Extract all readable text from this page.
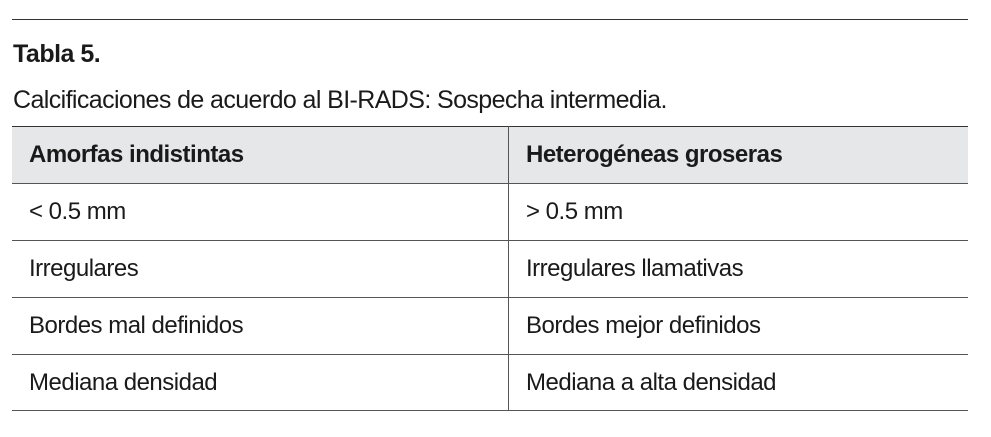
Tabla 5.
Calcificaciones de acuerdo al BI-RADS: Sospecha intermedia.
Amorfas indistintas	Heterogéneas groseras
< 0.5 mm	> 0.5 mm
Irregulares	Irregulares llamativas
Bordes mal definidos	Bordes mejor definidos
Mediana densidad	Mediana a alta densidad
